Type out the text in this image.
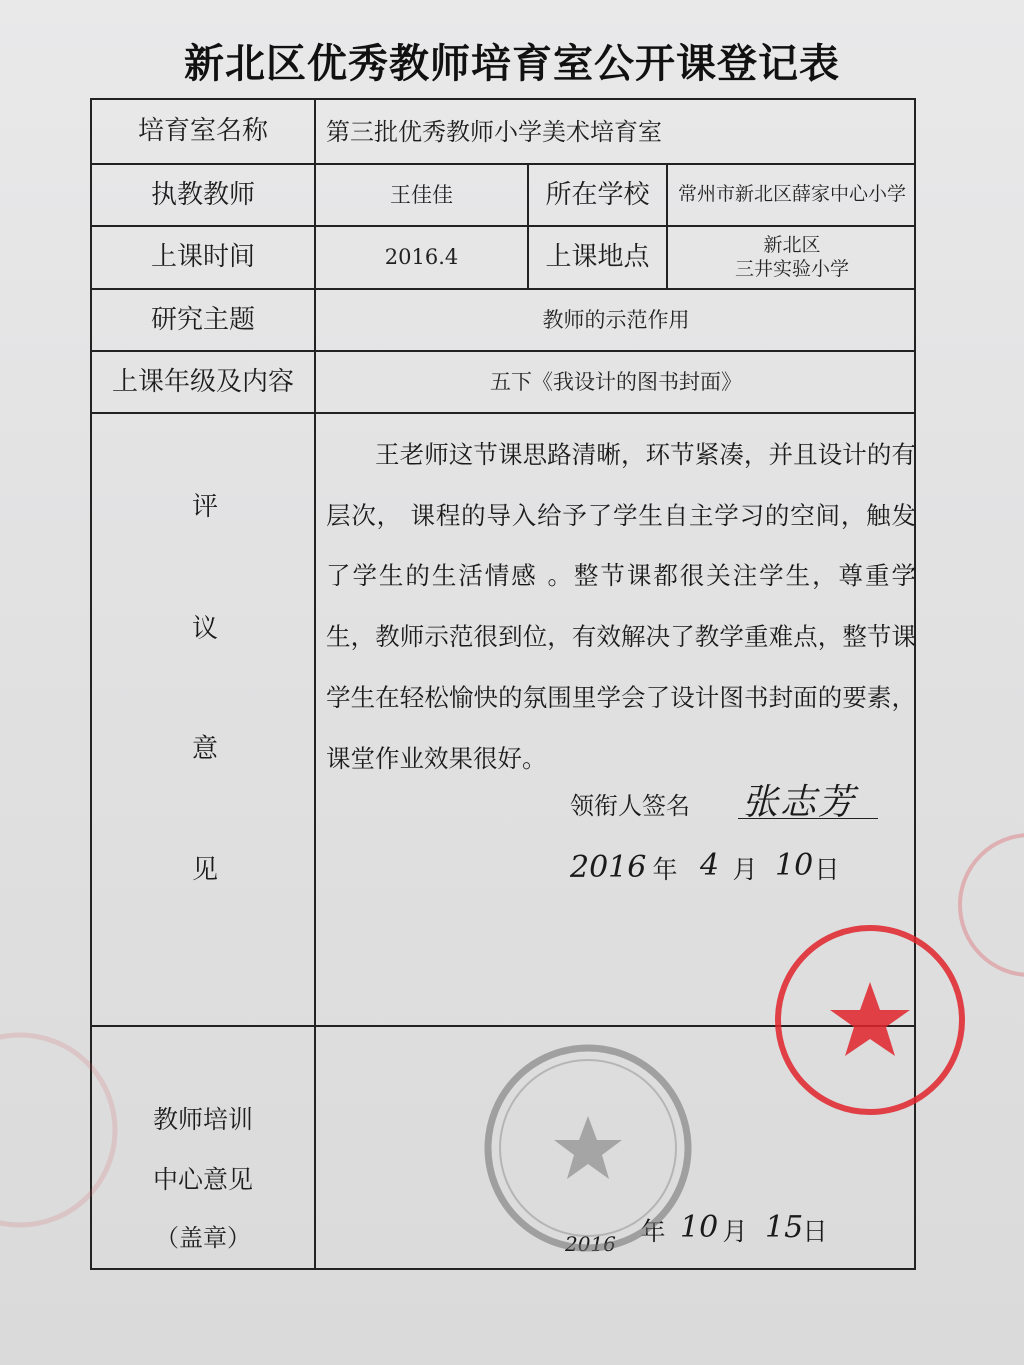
新北区优秀教师培育室公开课登记表
培育室名称	第三批优秀教师小学美术培育室
执教教师	王佳佳	所在学校	常州市新北区薛家中心小学
上课时间	2016.4	上课地点	新北区
三井实验小学
研究主题	教师的示范作用
上课年级及内容	五下《我设计的图书封面》
评
议
意
见

王老师这节课思路清晰，环节紧凑，并且设计的有层次， 课程的导入给予了学生自主学习的空间，触发了学生的生活情感 。整节课都很关注学生，尊重学生，教师示范很到位，有效解决了教学重难点，整节课学生在轻松愉快的氛围里学会了设计图书封面的要素，课堂作业效果很好。

领衔人签名	张志芳
2016 年 4 月 10 日
教师培训
中心意见
（盖章）	2016 年 10 月 15 日
